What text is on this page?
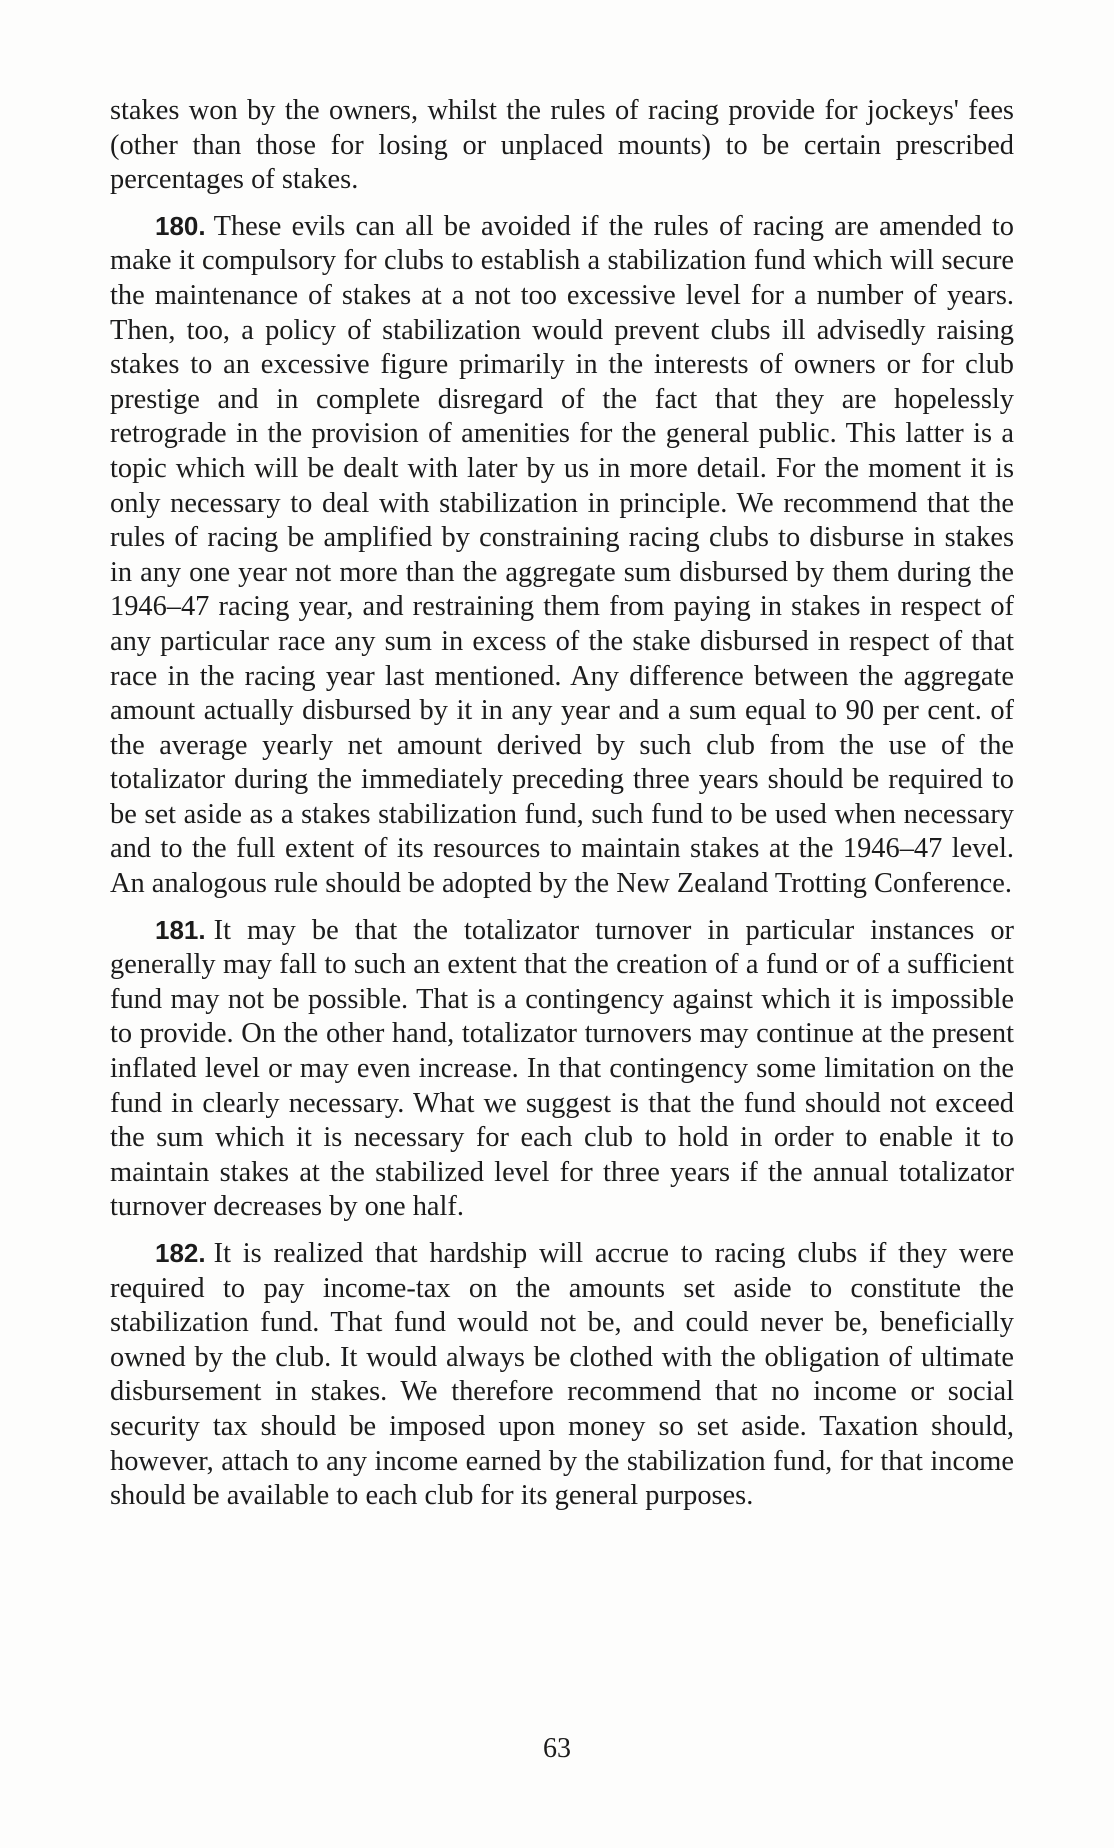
stakes won by the owners, whilst the rules of racing provide for jockeys' fees (other than those for losing or unplaced mounts) to be certain prescribed percentages of stakes.

180. These evils can all be avoided if the rules of racing are amended to make it compulsory for clubs to establish a stabilization fund which will secure the maintenance of stakes at a not too excessive level for a number of years. Then, too, a policy of stabilization would prevent clubs ill advisedly raising stakes to an excessive figure primarily in the interests of owners or for club prestige and in complete disregard of the fact that they are hopelessly retrograde in the provision of amenities for the general public. This latter is a topic which will be dealt with later by us in more detail. For the moment it is only necessary to deal with stabilization in principle. We recommend that the rules of racing be amplified by constraining racing clubs to disburse in stakes in any one year not more than the aggregate sum disbursed by them during the 1946–47 racing year, and restraining them from paying in stakes in respect of any particular race any sum in excess of the stake disbursed in respect of that race in the racing year last mentioned. Any difference between the aggregate amount actually disbursed by it in any year and a sum equal to 90 per cent. of the average yearly net amount derived by such club from the use of the totalizator during the immediately preceding three years should be required to be set aside as a stakes stabilization fund, such fund to be used when necessary and to the full extent of its resources to maintain stakes at the 1946–47 level. An analogous rule should be adopted by the New Zealand Trotting Conference.

181. It may be that the totalizator turnover in particular instances or generally may fall to such an extent that the creation of a fund or of a sufficient fund may not be possible. That is a contingency against which it is impossible to provide. On the other hand, totalizator turnovers may continue at the present inflated level or may even increase. In that contingency some limitation on the fund in clearly necessary. What we suggest is that the fund should not exceed the sum which it is necessary for each club to hold in order to enable it to maintain stakes at the stabilized level for three years if the annual totalizator turnover decreases by one half.

182. It is realized that hardship will accrue to racing clubs if they were required to pay income-tax on the amounts set aside to constitute the stabilization fund. That fund would not be, and could never be, beneficially owned by the club. It would always be clothed with the obligation of ultimate disbursement in stakes. We therefore recommend that no income or social security tax should be imposed upon money so set aside. Taxation should, however, attach to any income earned by the stabilization fund, for that income should be available to each club for its general purposes.

63
